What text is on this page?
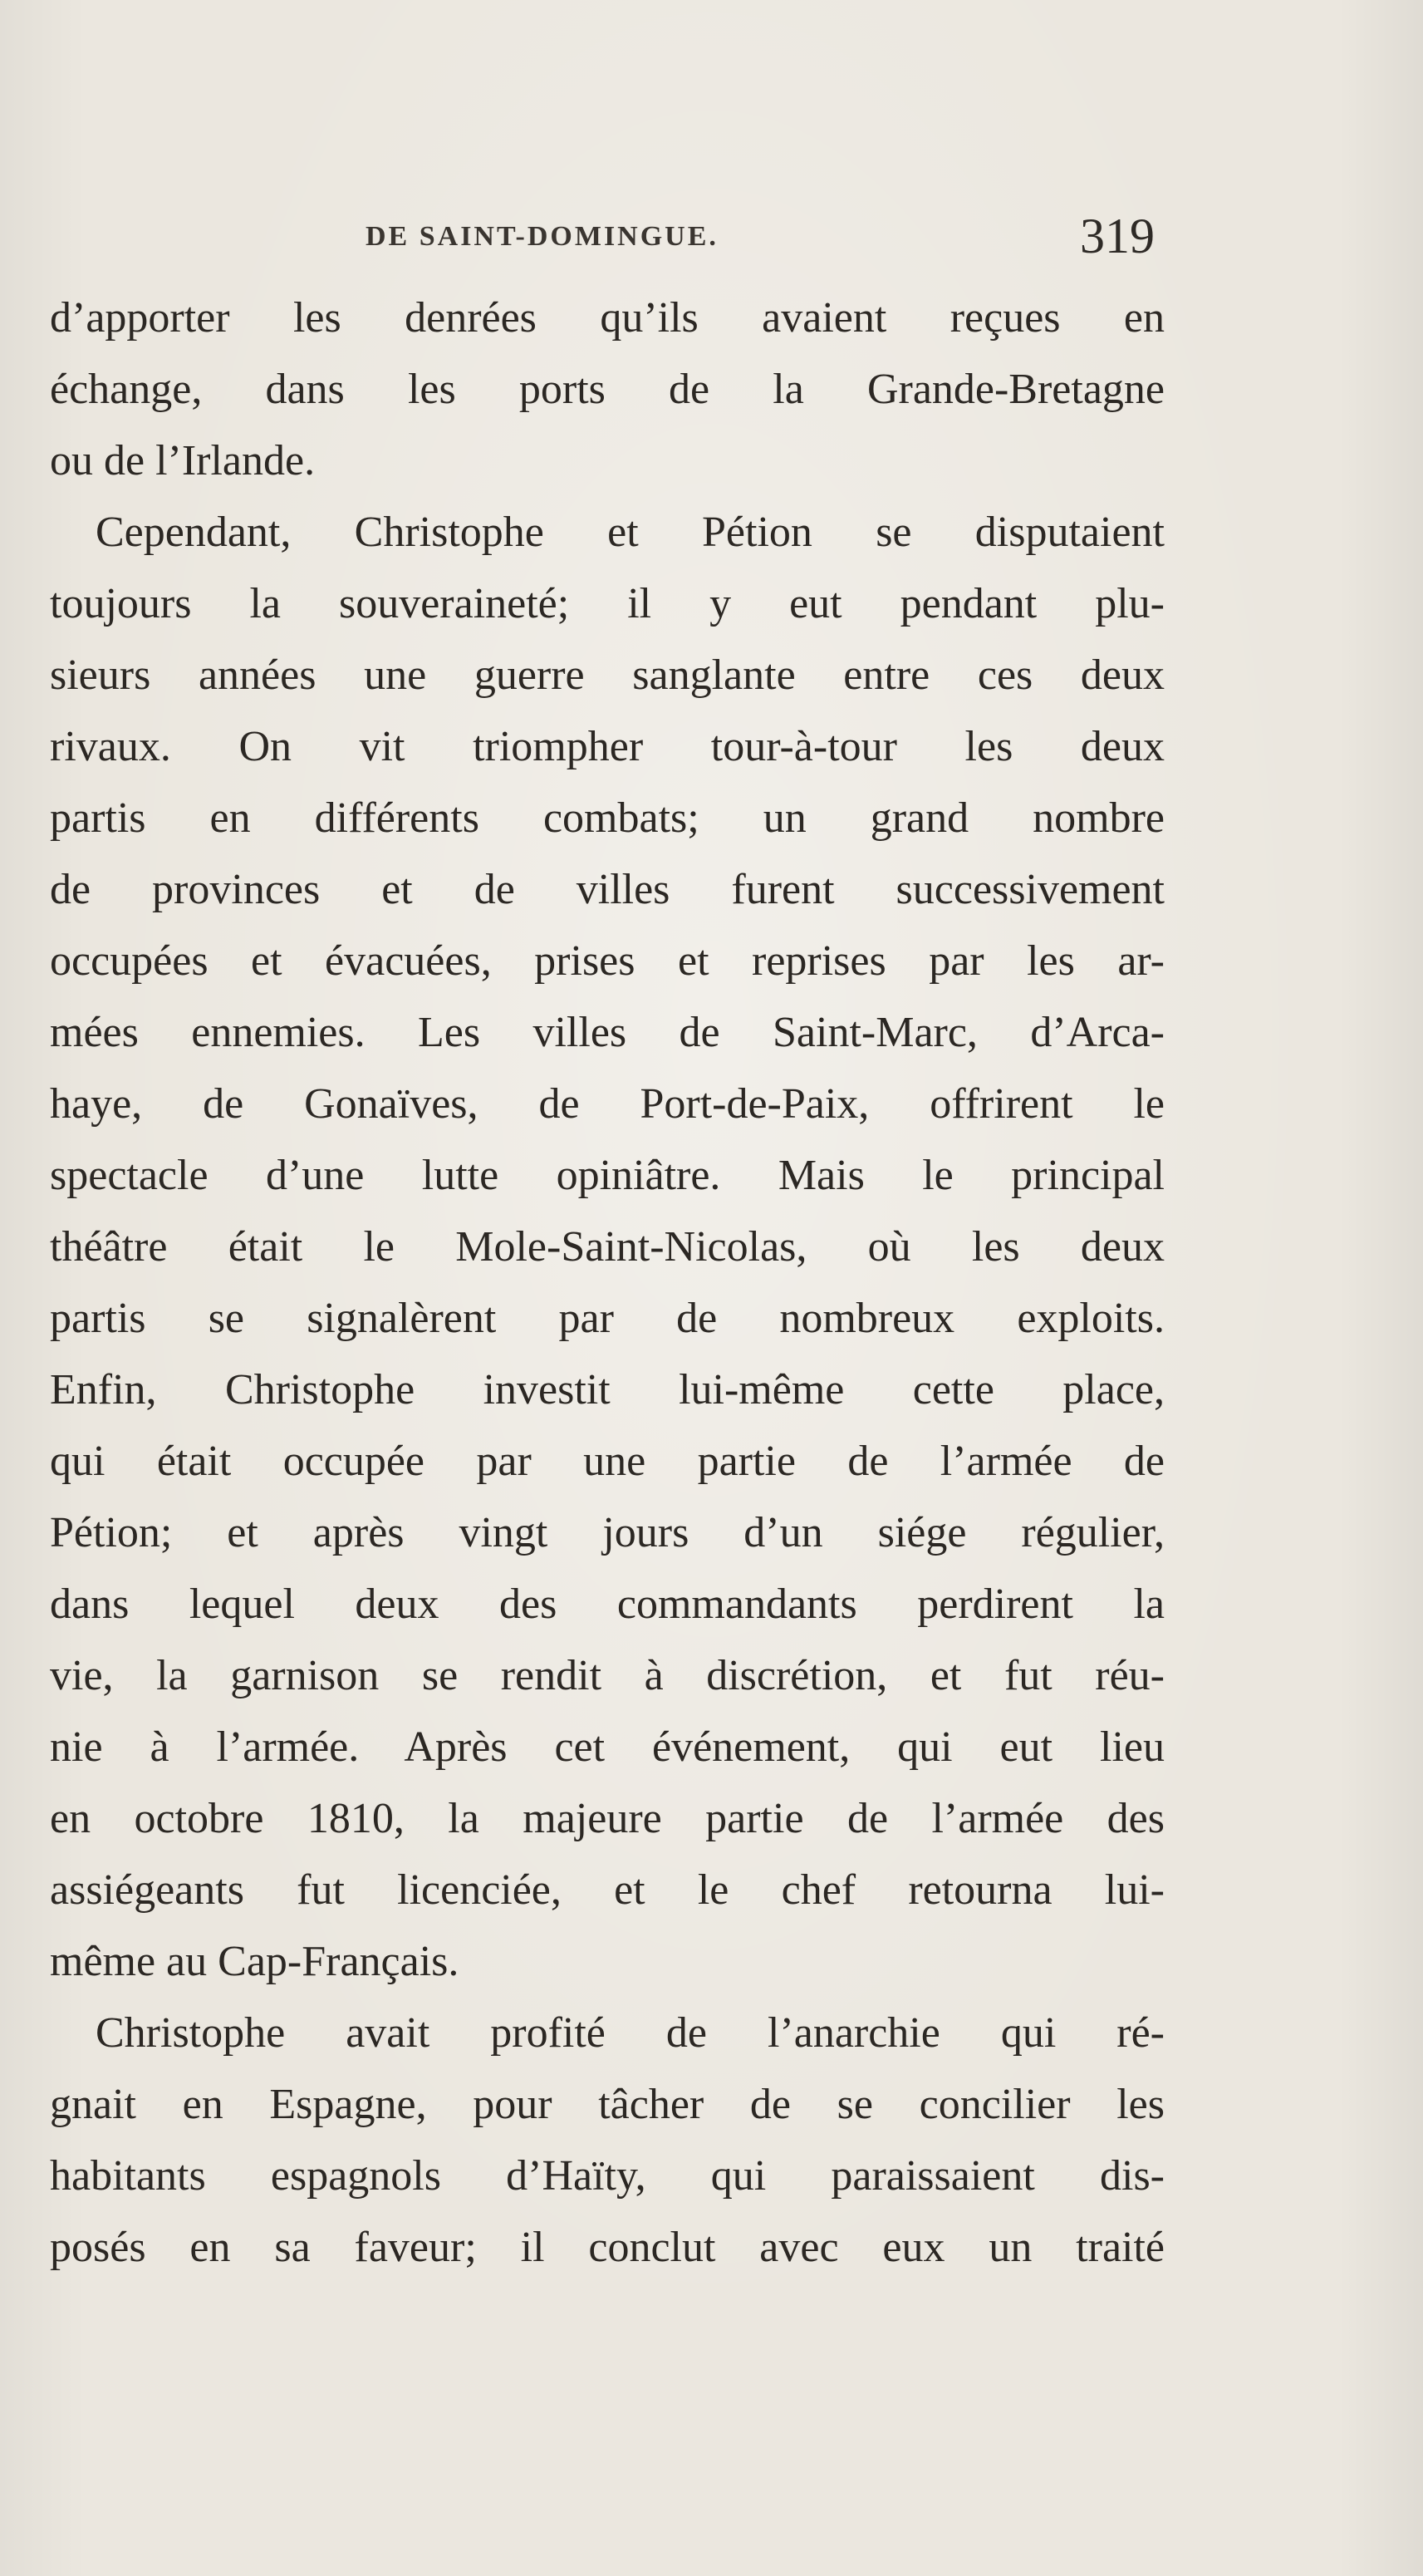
DE SAINT-DOMINGUE.	319
d’apporter les denrées qu’ils avaient reçues en
échange, dans les ports de la Grande-Bretagne
ou de l’Irlande.
Cependant, Christophe et Pétion se disputaient
toujours la souveraineté; il y eut pendant plu-
sieurs années une guerre sanglante entre ces deux
rivaux. On vit triompher tour-à-tour les deux
partis en différents combats; un grand nombre
de provinces et de villes furent successivement
occupées et évacuées, prises et reprises par les ar-
mées ennemies. Les villes de Saint-Marc, d’Arca-
haye, de Gonaïves, de Port-de-Paix, offrirent le
spectacle d’une lutte opiniâtre. Mais le principal
théâtre était le Mole-Saint-Nicolas, où les deux
partis se signalèrent par de nombreux exploits.
Enfin, Christophe investit lui-même cette place,
qui était occupée par une partie de l’armée de
Pétion; et après vingt jours d’un siége régulier,
dans lequel deux des commandants perdirent la
vie, la garnison se rendit à discrétion, et fut réu-
nie à l’armée. Après cet événement, qui eut lieu
en octobre 1810, la majeure partie de l’armée des
assiégeants fut licenciée, et le chef retourna lui-
même au Cap-Français.
Christophe avait profité de l’anarchie qui ré-
gnait en Espagne, pour tâcher de se concilier les
habitants espagnols d’Haïty, qui paraissaient dis-
posés en sa faveur; il conclut avec eux un traité
